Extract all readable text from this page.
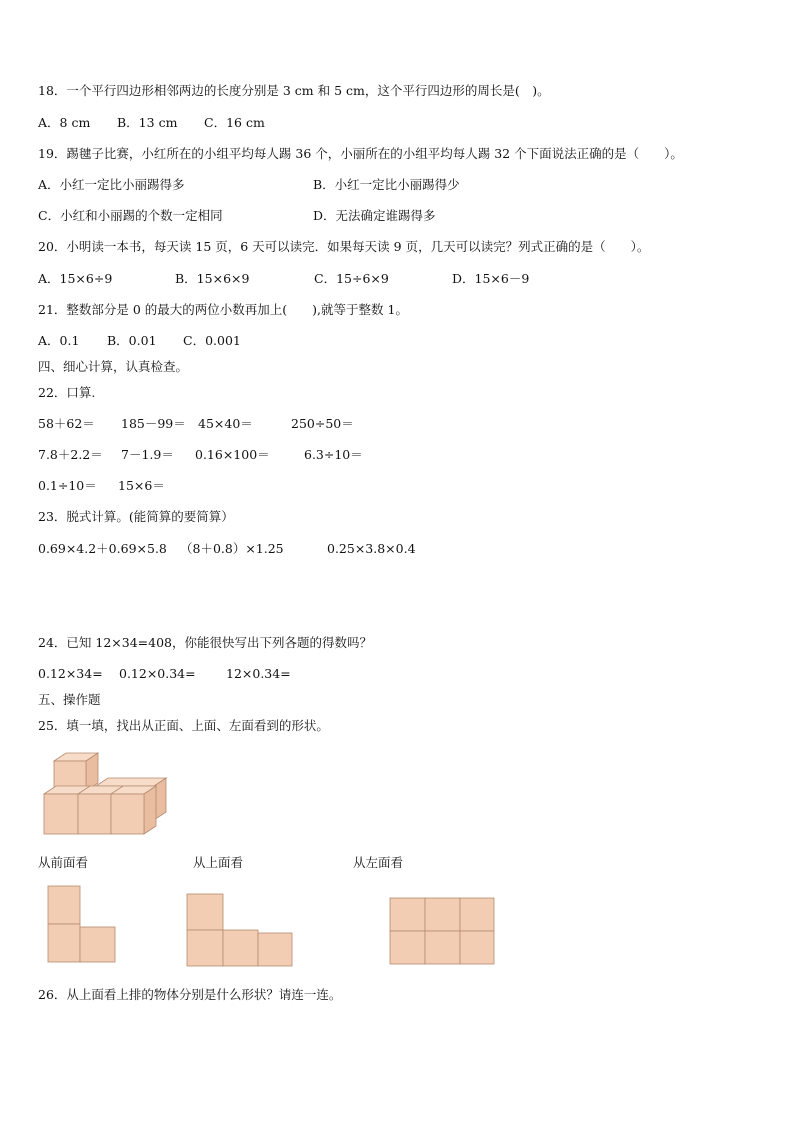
18．一个平行四边形相邻两边的长度分别是 3 cm 和 5 cm，这个平行四边形的周长是(　)。
A．8 cm B．13 cm C．16 cm
19．踢毽子比赛，小红所在的小组平均每人踢 36 个，小丽所在的小组平均每人踢 32 个下面说法正确的是（　　）。
A．小红一定比小丽踢得多	B．小红一定比小丽踢得少
C．小红和小丽踢的个数一定相同	D．无法确定谁踢得多
20．小明读一本书，每天读 15 页，6 天可以读完．如果每天读 9 页，几天可以读完？列式正确的是（　　）。
A．15×6÷9	B．15×6×9	C．15÷6×9	D．15×6－9
21．整数部分是 0 的最大的两位小数再加上(　　),就等于整数 1。
A．0.1 B．0.01 C．0.001
四、细心计算，认真检查。
22．口算.
58＋62＝ 185－99＝ 45×40＝	250÷50＝
7.8＋2.2＝ 7－1.9＝ 0.16×100＝	6.3÷10＝
0.1÷10＝ 15×6＝
23．脱式计算。(能简算的要简算）
0.69×4.2＋0.69×5.8 （8＋0.8）×1.25	0.25×3.8×0.4
24．已知 12×34=408，你能很快写出下列各题的得数吗？
0.12×34= 0.12×0.34= 12×0.34=
五、操作题
25．填一填，找出从正面、上面、左面看到的形状。
从前面看	从上面看	从左面看
26．从上面看上排的物体分别是什么形状？请连一连。
